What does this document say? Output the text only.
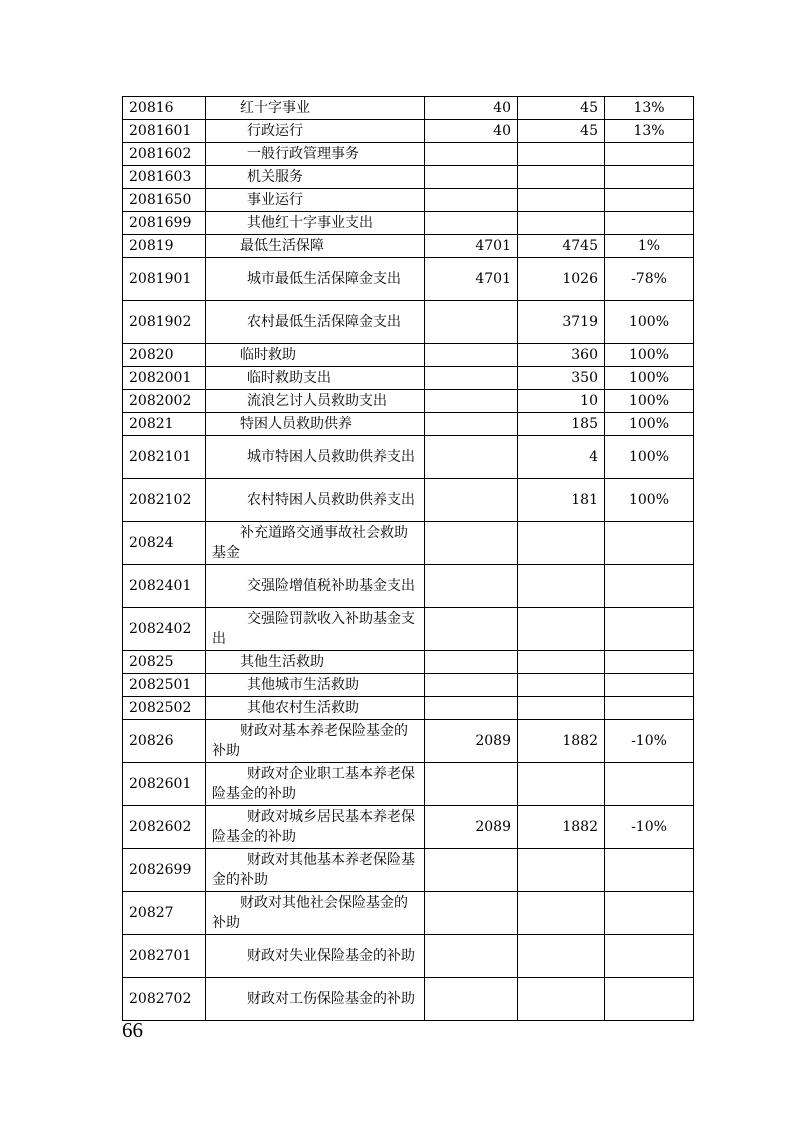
20816	红十字事业	40	45	13%
2081601	行政运行	40	45	13%
2081602	一般行政管理事务			
2081603	机关服务			
2081650	事业运行			
2081699	其他红十字事业支出			
20819	最低生活保障	4701	4745	1%
2081901	城市最低生活保障金支出	4701	1026	-78%
2081902	农村最低生活保障金支出		3719	100%
20820	临时救助		360	100%
2082001	临时救助支出		350	100%
2082002	流浪乞讨人员救助支出		10	100%
20821	特困人员救助供养		185	100%
2082101	城市特困人员救助供养支出		4	100%
2082102	农村特困人员救助供养支出		181	100%
20824	补充道路交通事故社会救助基金			
2082401	交强险增值税补助基金支出			
2082402	交强险罚款收入补助基金支出			
20825	其他生活救助			
2082501	其他城市生活救助			
2082502	其他农村生活救助			
20826	财政对基本养老保险基金的补助	2089	1882	-10%
2082601	财政对企业职工基本养老保险基金的补助			
2082602	财政对城乡居民基本养老保险基金的补助	2089	1882	-10%
2082699	财政对其他基本养老保险基金的补助			
20827	财政对其他社会保险基金的补助			
2082701	财政对失业保险基金的补助			
2082702	财政对工伤保险基金的补助			
66
